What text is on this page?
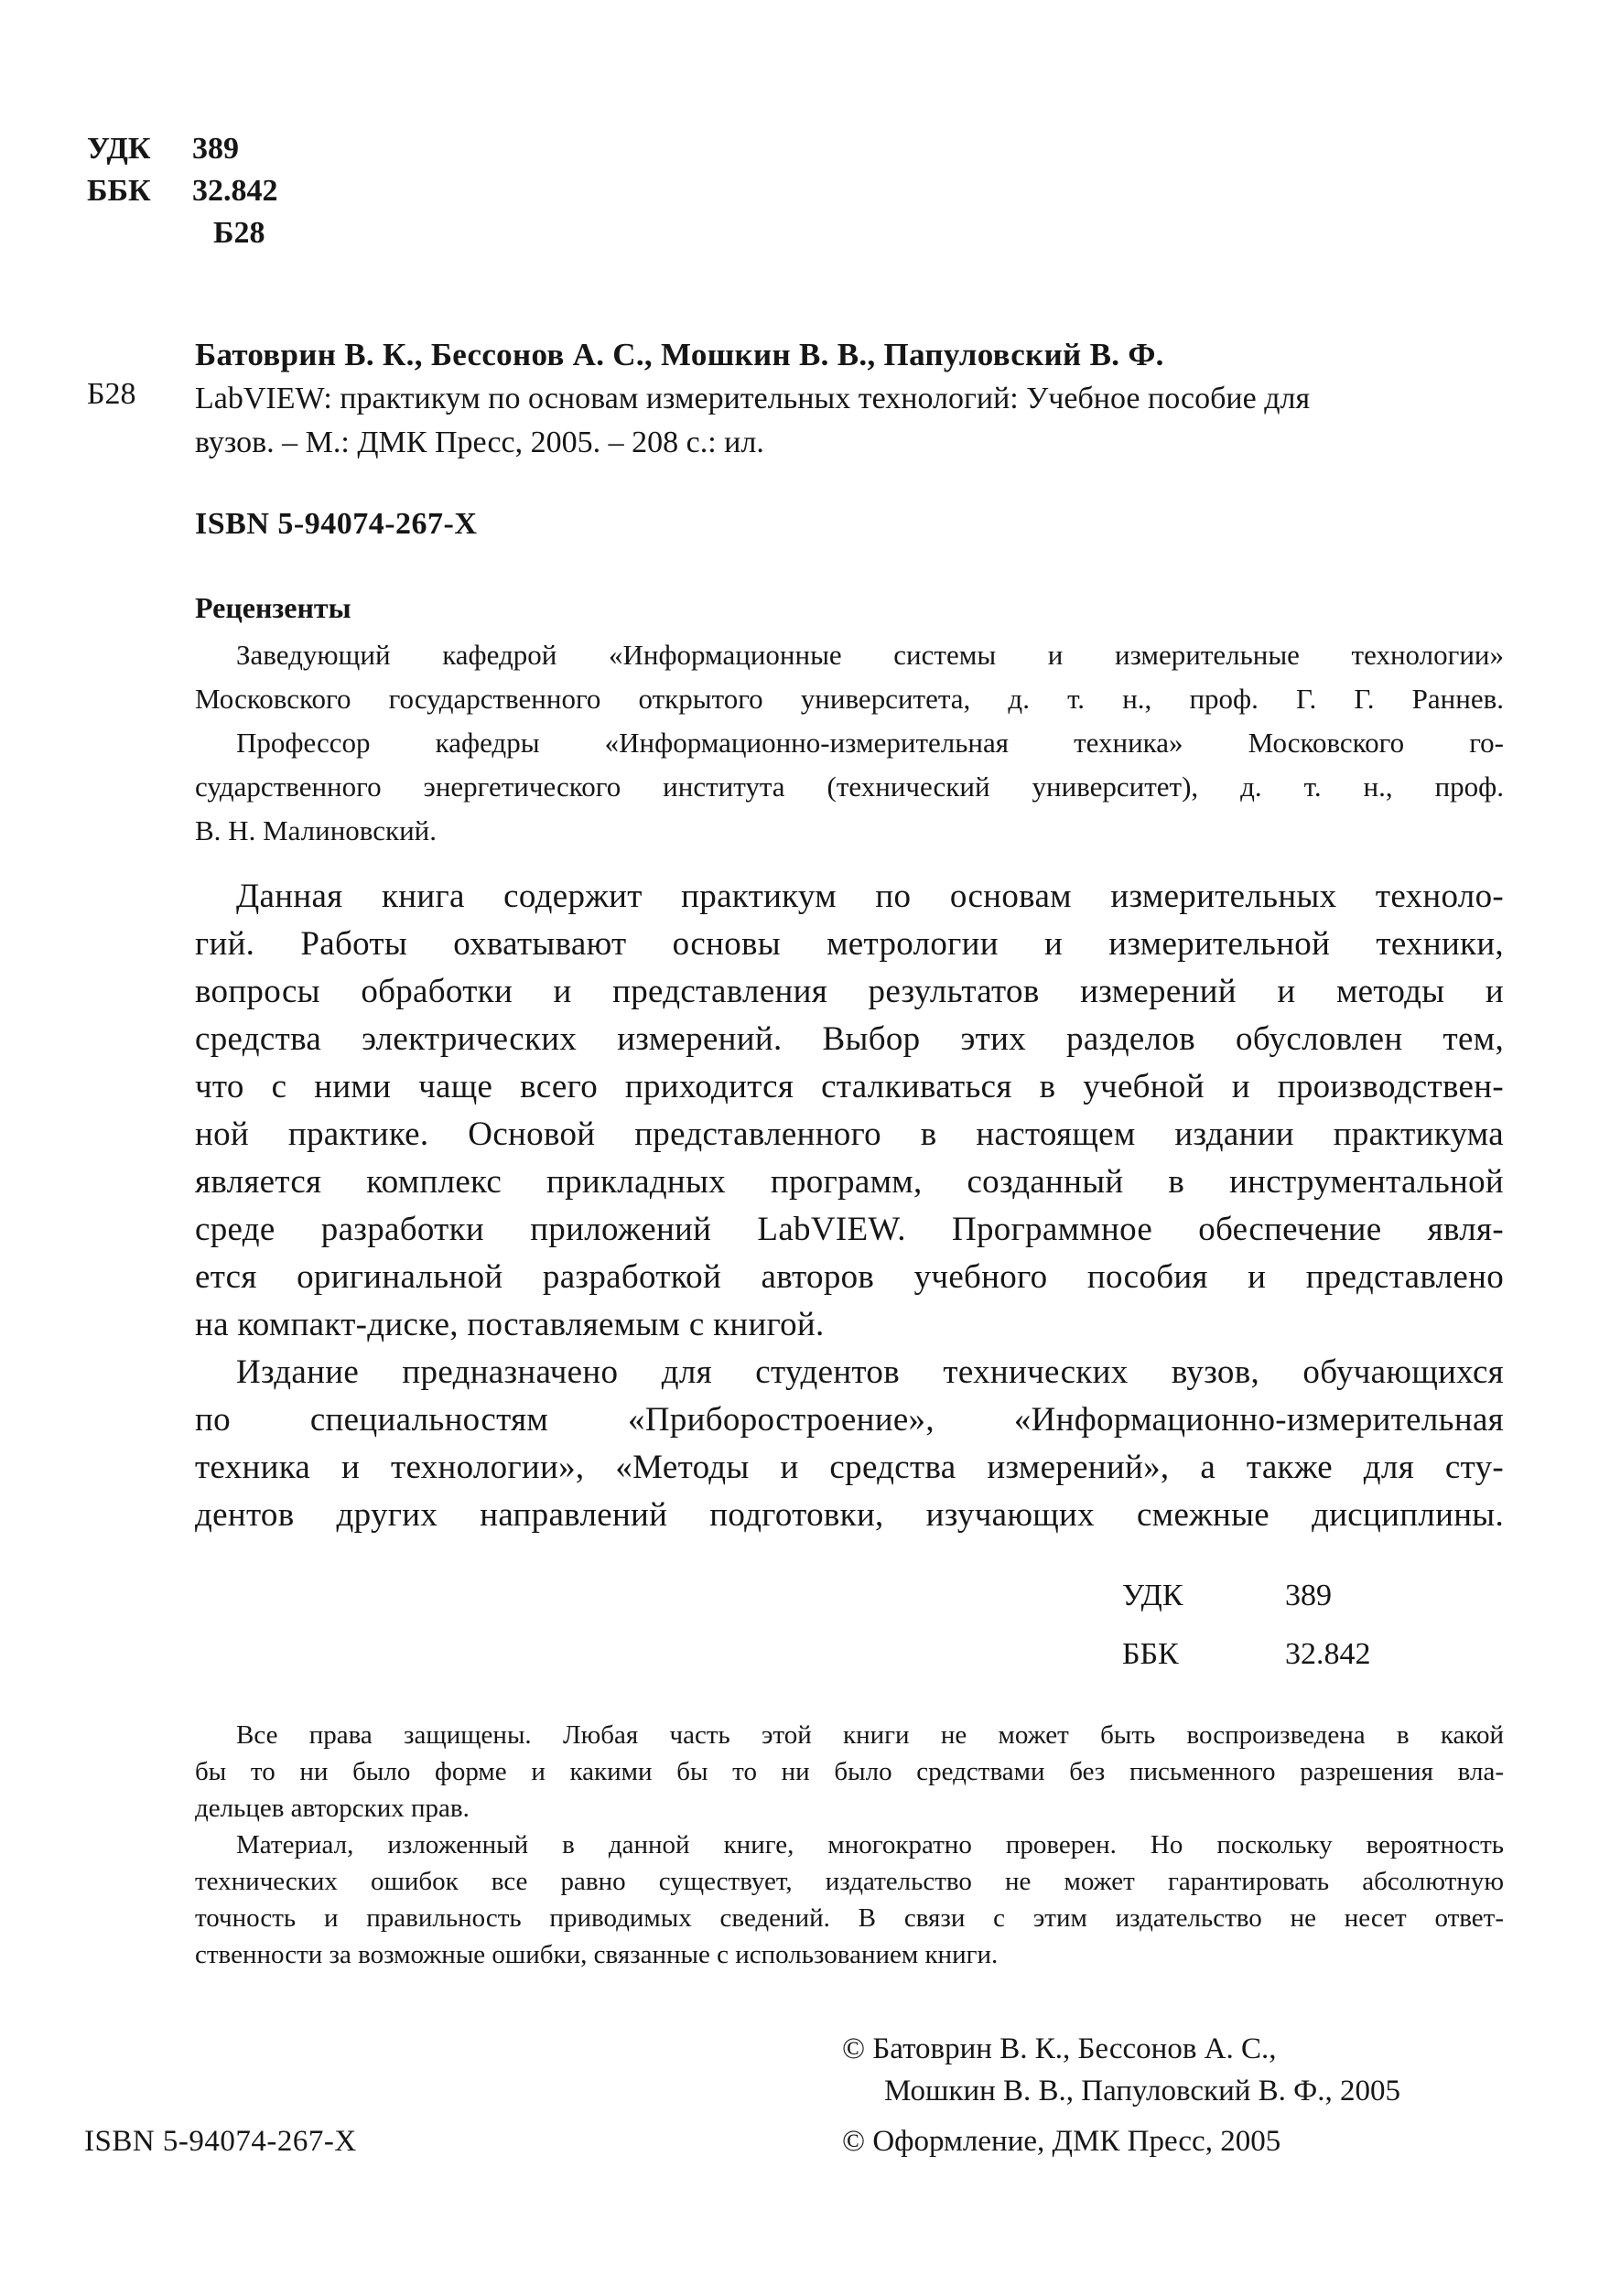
УДК 389
ББК 32.842
Б28
Батоврин В. К., Бессонов А. С., Мошкин В. В., Папуловский В. Ф.
Б28 LabVIEW: практикум по основам измерительных технологий: Учебное пособие для
вузов. – М.: ДМК Пресс, 2005. – 208 с.: ил.
ISBN 5-94074-267-X
Рецензенты
Заведующий кафедрой «Информационные системы и измерительные технологии»
Московского государственного открытого университета, д. т. н., проф. Г. Г. Раннев.
Профессор кафедры «Информационно-измерительная техника» Московского го-
сударственного энергетического института (технический университет), д. т. н., проф.
В. Н. Малиновский.
Данная книга содержит практикум по основам измерительных техноло-
гий. Работы охватывают основы метрологии и измерительной техники,
вопросы обработки и представления результатов измерений и методы и
средства электрических измерений. Выбор этих разделов обусловлен тем,
что с ними чаще всего приходится сталкиваться в учебной и производствен-
ной практике. Основой представленного в настоящем издании практикума
является комплекс прикладных программ, созданный в инструментальной
среде разработки приложений LabVIEW. Программное обеспечение явля-
ется оригинальной разработкой авторов учебного пособия и представлено
на компакт-диске, поставляемым с книгой.
Издание предназначено для студентов технических вузов, обучающихся
по специальностям «Приборостроение», «Информационно-измерительная
техника и технологии», «Методы и средства измерений», а также для сту-
дентов других направлений подготовки, изучающих смежные дисциплины.
УДК	389
ББК	32.842
Все права защищены. Любая часть этой книги не может быть воспроизведена в какой
бы то ни было форме и какими бы то ни было средствами без письменного разрешения вла-
дельцев авторских прав.
Материал, изложенный в данной книге, многократно проверен. Но поскольку вероятность
технических ошибок все равно существует, издательство не может гарантировать абсолютную
точность и правильность приводимых сведений. В связи с этим издательство не несет ответ-
ственности за возможные ошибки, связанные с использованием книги.
© Батоврин В. К., Бессонов А. С.,
Мошкин В. В., Папуловский В. Ф., 2005
ISBN 5-94074-267-X	© Оформление, ДМК Пресс, 2005
